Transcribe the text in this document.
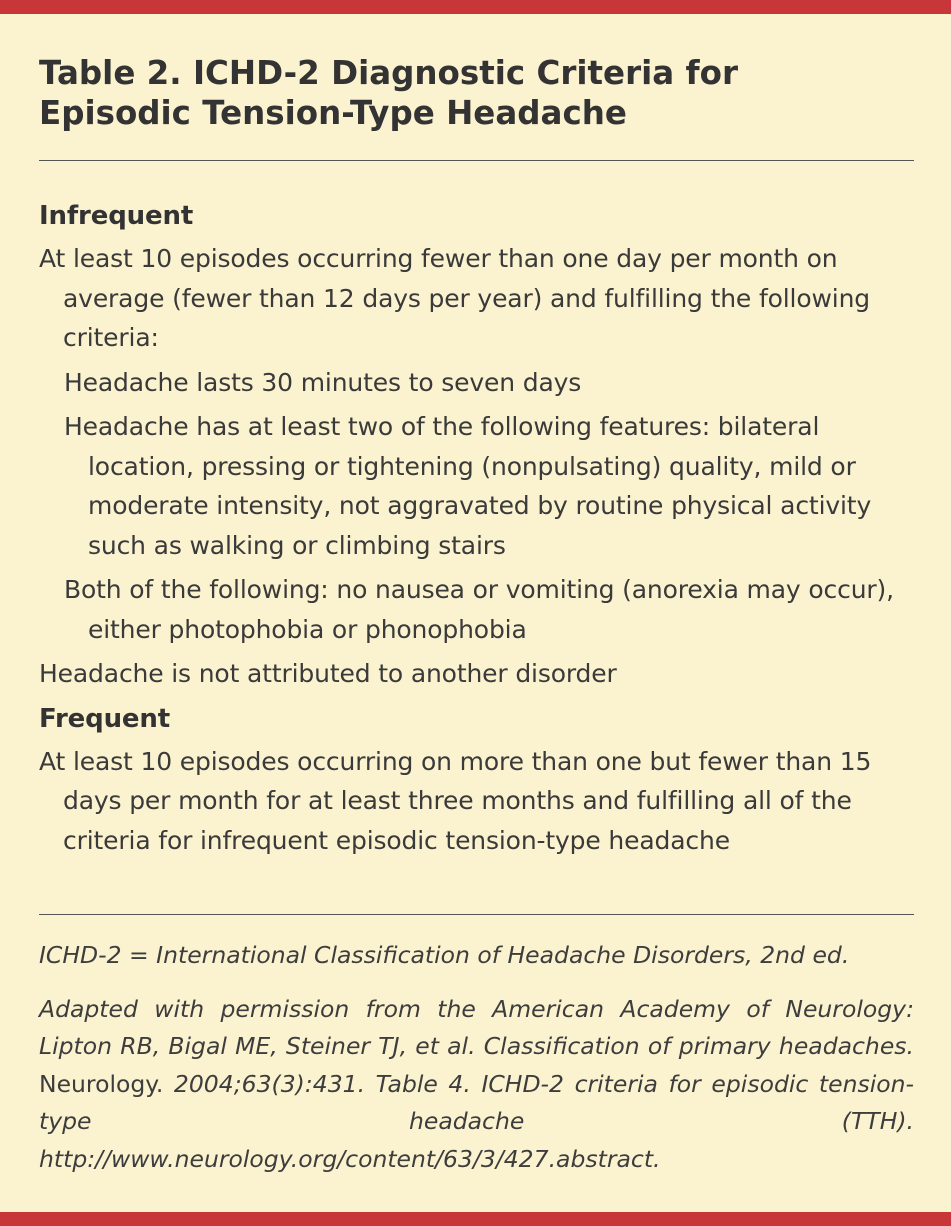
Table 2. ICHD-2 Diagnostic Criteria for
Episodic Tension-Type Headache
Infrequent
At least 10 episodes occurring fewer than one day per month on average (fewer than 12 days per year) and fulfilling the following criteria:
Headache lasts 30 minutes to seven days
Headache has at least two of the following features: bilateral location, pressing or tightening (nonpulsating) quality, mild or moderate intensity, not aggravated by routine physical activity such as walking or climbing stairs
Both of the following: no nausea or vomiting (anorexia may occur), either photophobia or phonophobia
Headache is not attributed to another disorder
Frequent
At least 10 episodes occurring on more than one but fewer than 15 days per month for at least three months and fulfilling all of the criteria for infrequent episodic tension-type headache

ICHD-2 = International Classification of Headache Disorders, 2nd ed.

Adapted with permission from the American Academy of Neurology: Lipton RB, Bigal ME, Steiner TJ, et al. Classification of primary headaches. Neurology. 2004;63(3):431. Table 4. ICHD-2 criteria for episodic tension-type headache (TTH). http://www.neurology.org/content/63/3/427.abstract.
